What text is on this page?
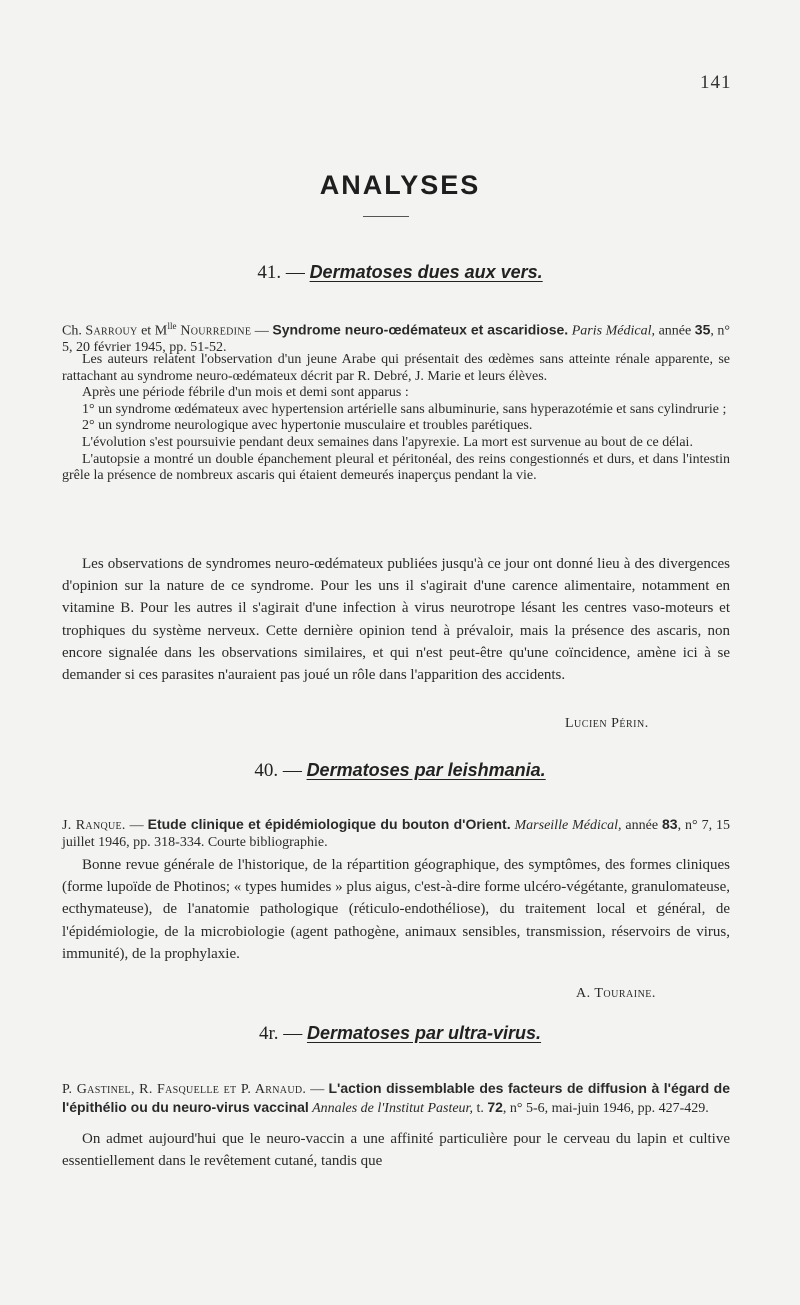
141
ANALYSES
41. — Dermatoses dues aux vers.

Ch. Sarrouy et $M^{lle}$ Nourredine — Syndrome neuro-œdémateux et ascaridiose. Paris Médical, année 35, n° 5, 20 février 1945, pp. 51-52.

Les auteurs relatent l'observation d'un jeune Arabe qui présentait des œdèmes sans atteinte rénale apparente, se rattachant au syndrome neuro-œdémateux décrit par R. Debré, J. Marie et leurs élèves.

Après une période fébrile d'un mois et demi sont apparus :

1° un syndrome œdémateux avec hypertension artérielle sans albuminurie, sans hyperazotémie et sans cylindrurie ;

2° un syndrome neurologique avec hypertonie musculaire et troubles parétiques.

L'évolution s'est poursuivie pendant deux semaines dans l'apyrexie. La mort est survenue au bout de ce délai.

L'autopsie a montré un double épanchement pleural et péritonéal, des reins congestionnés et durs, et dans l'intestin grêle la présence de nombreux ascaris qui étaient demeurés inaperçus pendant la vie.

Les observations de syndromes neuro-œdémateux publiées jusqu'à ce jour ont donné lieu à des divergences d'opinion sur la nature de ce syndrome. Pour les uns il s'agirait d'une carence alimentaire, notamment en vitamine B. Pour les autres il s'agirait d'une infection à virus neurotrope lésant les centres vaso-moteurs et trophiques du système nerveux. Cette dernière opinion tend à prévaloir, mais la présence des ascaris, non encore signalée dans les observations similaires, et qui n'est peut-être qu'une coïncidence, amène ici à se demander si ces parasites n'auraient pas joué un rôle dans l'apparition des accidents.

Lucien Périn.
40. — Dermatoses par leishmania.

J. Ranque. — Etude clinique et épidémiologique du bouton d'Orient. Marseille Médical, année 83, n° 7, 15 juillet 1946, pp. 318-334. Courte bibliographie.

Bonne revue générale de l'historique, de la répartition géographique, des symptômes, des formes cliniques (forme lupoïde de Photinos; « types humides » plus aigus, c'est-à-dire forme ulcéro-végétante, granulomateuse, ecthymateuse), de l'anatomie pathologique (réticulo-endothéliose), du traitement local et général, de l'épidémiologie, de la microbiologie (agent pathogène, animaux sensibles, transmission, réservoirs de virus, immunité), de la prophylaxie.

A. Touraine.
4r. — Dermatoses par ultra-virus.

P. Gastinel, R. Fasquelle et P. Arnaud. — L'action dissemblable des facteurs de diffusion à l'égard de l'épithélio ou du neuro-virus vaccinal Annales de l'Institut Pasteur, t. 72, n° 5-6, mai-juin 1946, pp. 427-429.

On admet aujourd'hui que le neuro-vaccin a une affinité particulière pour le cerveau du lapin et cultive essentiellement dans le revêtement cutané, tandis que
